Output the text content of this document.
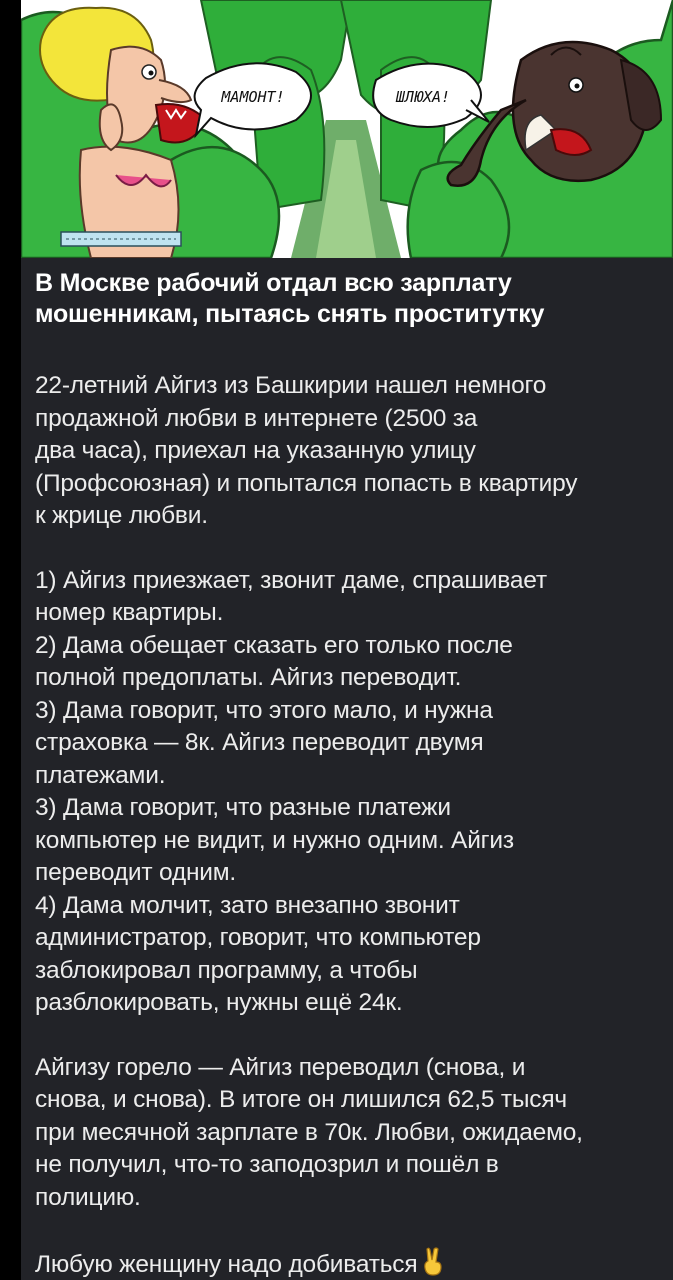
МАМОНТ!	ШЛЮХА!

В Москве рабочий отдал всю зарплату мошенникам, пытаясь снять проститутку

22-летний Айгиз из Башкирии нашел немного
продажной любви в интернете (2500 за
два часа), приехал на указанную улицу
(Профсоюзная) и попытался попасть в квартиру
к жрице любви.

1) Айгиз приезжает, звонит даме, спрашивает
номер квартиры.
2) Дама обещает сказать его только после
полной предоплаты. Айгиз переводит.
3) Дама говорит, что этого мало, и нужна
страховка — 8к. Айгиз переводит двумя
платежами.
3) Дама говорит, что разные платежи
компьютер не видит, и нужно одним. Айгиз
переводит одним.
4) Дама молчит, зато внезапно звонит
администратор, говорит, что компьютер
заблокировал программу, а чтобы
разблокировать, нужны ещё 24к.

Айгизу горело — Айгиз переводил (снова, и
снова, и снова). В итоге он лишился 62,5 тысяч
при месячной зарплате в 70к. Любви, ожидаемо,
не получил, что-то заподозрил и пошёл в
полицию.

Любую женщину надо добиваться
